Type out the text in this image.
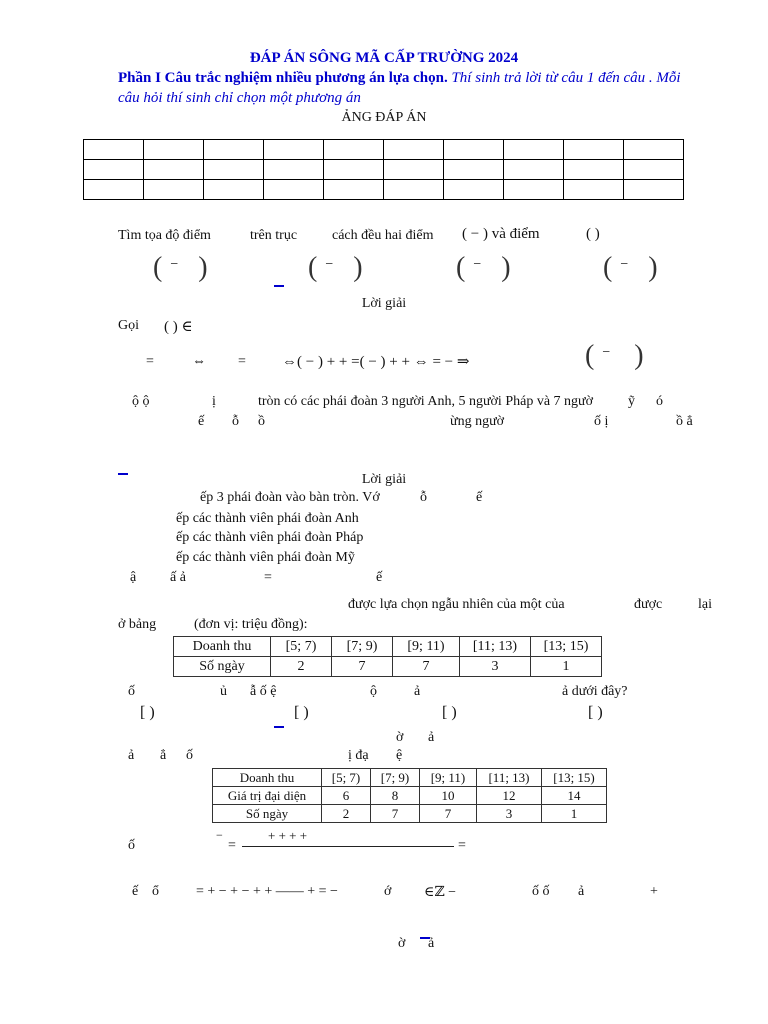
ĐÁP ÁN SÔNG MÃ CẤP TRƯỜNG 2024
Phần I Câu trắc nghiệm nhiều phương án lựa chọn. Thí sinh trả lời từ câu 1 đến câu . Mỗi
câu hỏi thí sinh chỉ chọn một phương án
ẢNG ĐÁP ÁN

Tìm tọa độ điểm	trên trục cách đều hai điểm ( − ) và điểm	( )
( − )	( − )	( − )	( − )
Lời giải
Gọi ( ) ∈
=	⇔ = ⇔( − ) + + =( − ) + + ⇔ = − ⇒	( − )
ộ ộ	ị	tròn có các phái đoàn 3 người Anh, 5 người Pháp và 7 ngườ ỹ ó
ế ỗ ồ	ừng ngườ	ố ị	ồ ẳ
Lời giải
ếp 3 phái đoàn vào bàn tròn. Vớ	ỗ	ế
ếp các thành viên phái đoàn Anh
ếp các thành viên phái đoàn Pháp
ếp các thành viên phái đoàn Mỹ
ậ ấ ả	=	ế
được lựa chọn ngẫu nhiên của một của	được	lại
ở bảng	(đơn vị: triệu đồng):
Doanh thu	[5; 7)	[7; 9)	[9; 11)	[11; 13)	[13; 15)
Số ngày	2	7	7	3	1
ố	ủ ẫ ố ệ	ộ	ả	ả dưới đây?
[ )	[ )	[ )	[ )
ờ ả
ả ẳ ố	ị đạ ệ
Doanh thu	[5; 7)	[7; 9)	[9; 11)	[11; 13)	[13; 15)
Giá trị đại diện	6	8	10	12	14
Số ngày	2	7	7	3	1
ố
−
=
+ + + +
=
ế ổ	= + − + − + + —— + = −	ớ ∈ℤ −	ố ố ả	+
ờ ả
